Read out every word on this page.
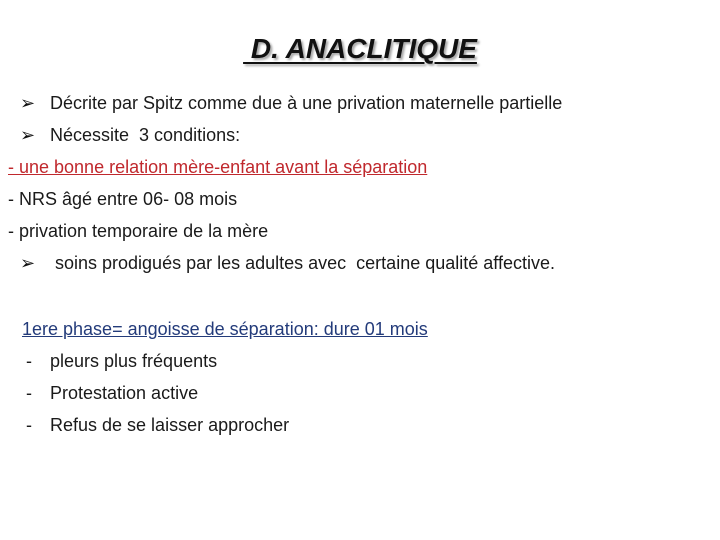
D. ANACLITIQUE
➢ Décrite par Spitz comme due à une privation maternelle partielle
➢ Nécessite  3 conditions:
- une bonne relation mère-enfant avant la séparation
- NRS âgé entre 06- 08 mois
- privation temporaire de la mère
➢ soins prodigués par les adultes avec  certaine qualité affective.
1ere phase= angoisse de séparation: dure 01 mois
-	pleurs plus fréquents
-	Protestation active
-	Refus de se laisser approcher
